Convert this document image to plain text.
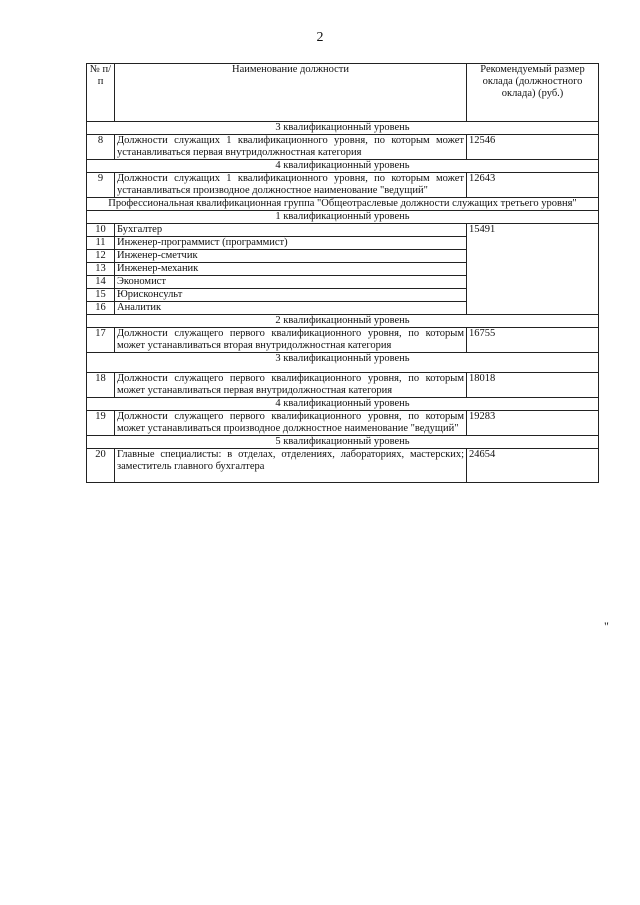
2
№ п/п	Наименование должности	Рекомендуемый размер оклада (должностного оклада) (руб.)
3 квалификационный уровень		
8	Должности служащих 1 квалификационного уровня, по которым может устанавливаться первая внутридолжностная категория	12546
4 квалификационный уровень		
9	Должности служащих 1 квалификационного уровня, по которым может устанавливаться производное должностное наименование "ведущий"	12643
Профессиональная квалификационная группа "Общеотраслевые должности служащих третьего уровня"		
1 квалификационный уровень		
10	Бухгалтер	15491
11	Инженер-программист (программист)	
12	Инженер-сметчик	
13	Инженер-механик	
14	Экономист	
15	Юрисконсульт	
16	Аналитик	
2 квалификационный уровень		
17	Должности служащего первого квалификационного уровня, по которым может устанавливаться вторая внутридолжностная категория	16755
3 квалификационный уровень		
18	Должности служащего первого квалификационного уровня, по которым может устанавливаться первая внутридолжностная категория	18018
4 квалификационный уровень		
19	Должности служащего первого квалификационного уровня, по которым может устанавливаться производное должностное наименование "ведущий"	19283
5 квалификационный уровень		
20	Главные специалисты: в отделах, отделениях, лабораториях, мастерских; заместитель главного бухгалтера	24654
"
